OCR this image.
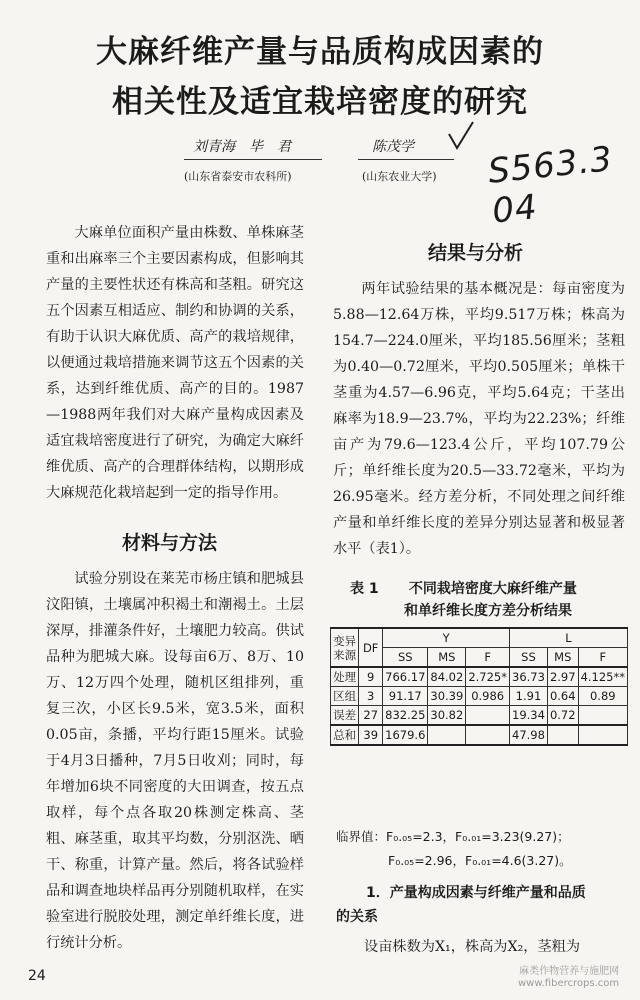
大麻纤维产量与品质构成因素的
相关性及适宜栽培密度的研究
刘青海　毕　君
( 山东省泰安市农科所 )
陈茂学
( 山东农业大学 ) S563.3 04

大麻单位面积产量由株数、单株麻茎重和出麻率三个主要因素构成，但影响其产量的主要性状还有株高和茎粗。研究这五个因素互相适应、制约和协调的关系，有助于认识大麻优质、高产的栽培规律，以便通过栽培措施来调节这五个因素的关系，达到纤维优质、高产的目的。1987—1988两年我们对大麻产量构成因素及适宜栽培密度进行了研究，为确定大麻纤维优质、高产的合理群体结构，以期形成大麻规范化栽培起到一定的指导作用。

材料与方法

试验分别设在莱芜市杨庄镇和肥城县汶阳镇，土壤属冲积褐土和潮褐土。土层深厚，排灌条件好，土壤肥力较高。供试品种为肥城大麻。设每亩6万、8万、10万、12万四个处理，随机区组排列，重复三次，小区长9.5米，宽3.5米，面积0.05亩，条播，平均行距15厘米。试验于4月3日播种，7月5日收刈；同时，每年增加6块不同密度的大田调查，按五点取样，每个点各取20株测定株高、茎粗、麻茎重，取其平均数，分别沤洗、晒干、称重，计算产量。然后，将各试验样品和调查地块样品再分别随机取样，在实验室进行脱胶处理，测定单纤维长度，进行统计分析。

24
结果与分析

两年试验结果的基本概况是：每亩密度为5.88—12.64万株，平均9.517万株；株高为154.7—224.0厘米，平均185.56厘米；茎粗为0.40—0.72厘米，平均0.505厘米；单株干茎重为4.57—6.96克，平均5.64克；干茎出麻率为18.9—23.7%，平均为22.23%；纤维亩产为79.6—123.4公斤，平均107.79公斤；单纤维长度为20.5—33.72毫米，平均为26.95毫米。经方差分析，不同处理之间纤维产量和单纤维长度的差异分别达显著和极显著水平（表1）。

表 1 不同栽培密度大麻纤维产量
和单纤维长度方差分析结果
变异
来源	DF	Y			L		
		SS	MS	F	SS	MS	F
处理	9	766.17	84.02	2.725*	36.73	2.97	4.125**
区组	3	91.17	30.39	0.986	1.91	0.64	0.89
误差	27	832.25	30.82		19.34	0.72	
总和	39	1679.6			47.98		
临界值：F₀.₀₅=2.3，F₀.₀₁=3.23(9.27)；
F₀.₀₅=2.96，F₀.₀₁=4.6(3.27)。
1．产量构成因素与纤维产量和品质
的关系
设亩株数为X₁，株高为X₂，茎粗为
麻类作物营养与施肥网
www.fibercrops.com
